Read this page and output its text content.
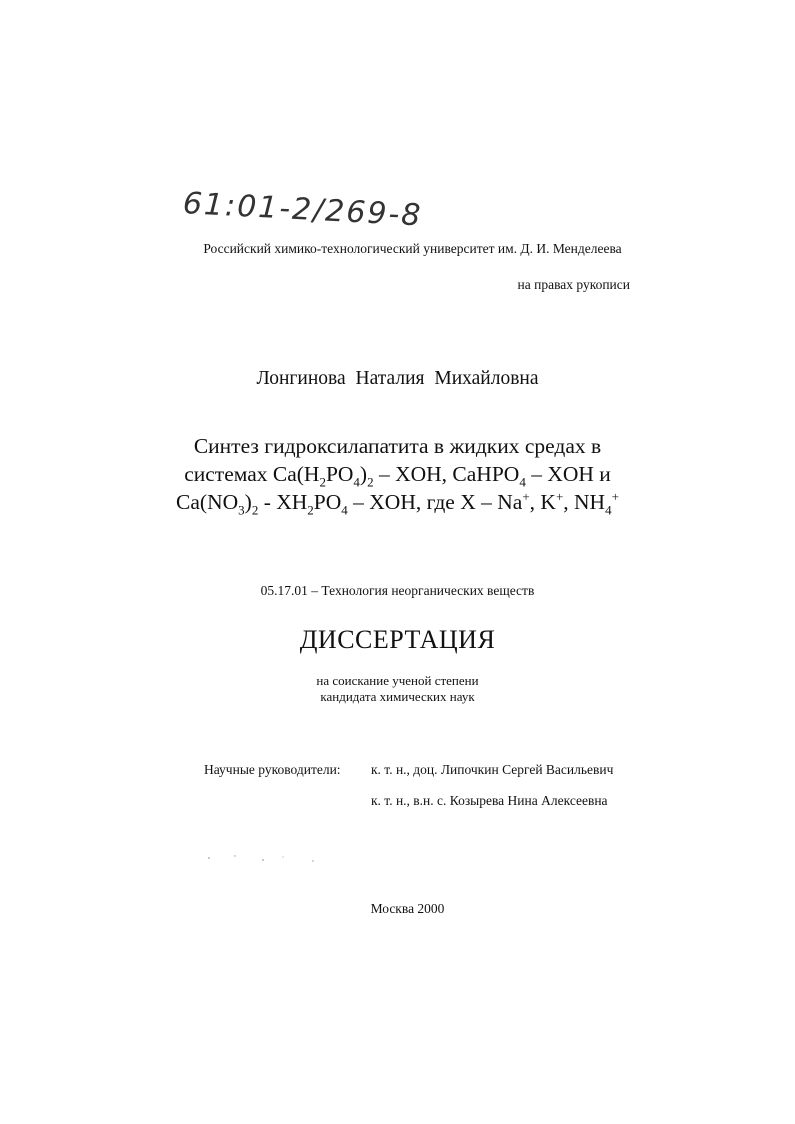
61:01-2/269-8
Российский химико-технологический университет им. Д. И. Менделеева
на правах рукописи
Лонгинова Наталия Михайловна
Синтез гидроксилапатита в жидких средах в
системах $Ca(H_2PO_4)_2$ – XOH, CaHPO$_4$ – XOH и
$Ca(NO_3)_2 - XH_2PO_4$ – XOH, где X – Na+, K+, $NH_4^+$
05.17.01 – Технология неорганических веществ
ДИССЕРТАЦИЯ
на соискание ученой степени
кандидата химических наук
Научные руководители: к. т. н., доц. Липочкин Сергей Васильевич
к. т. н., в.н. с. Козырева Нина Алексеевна
Москва 2000
